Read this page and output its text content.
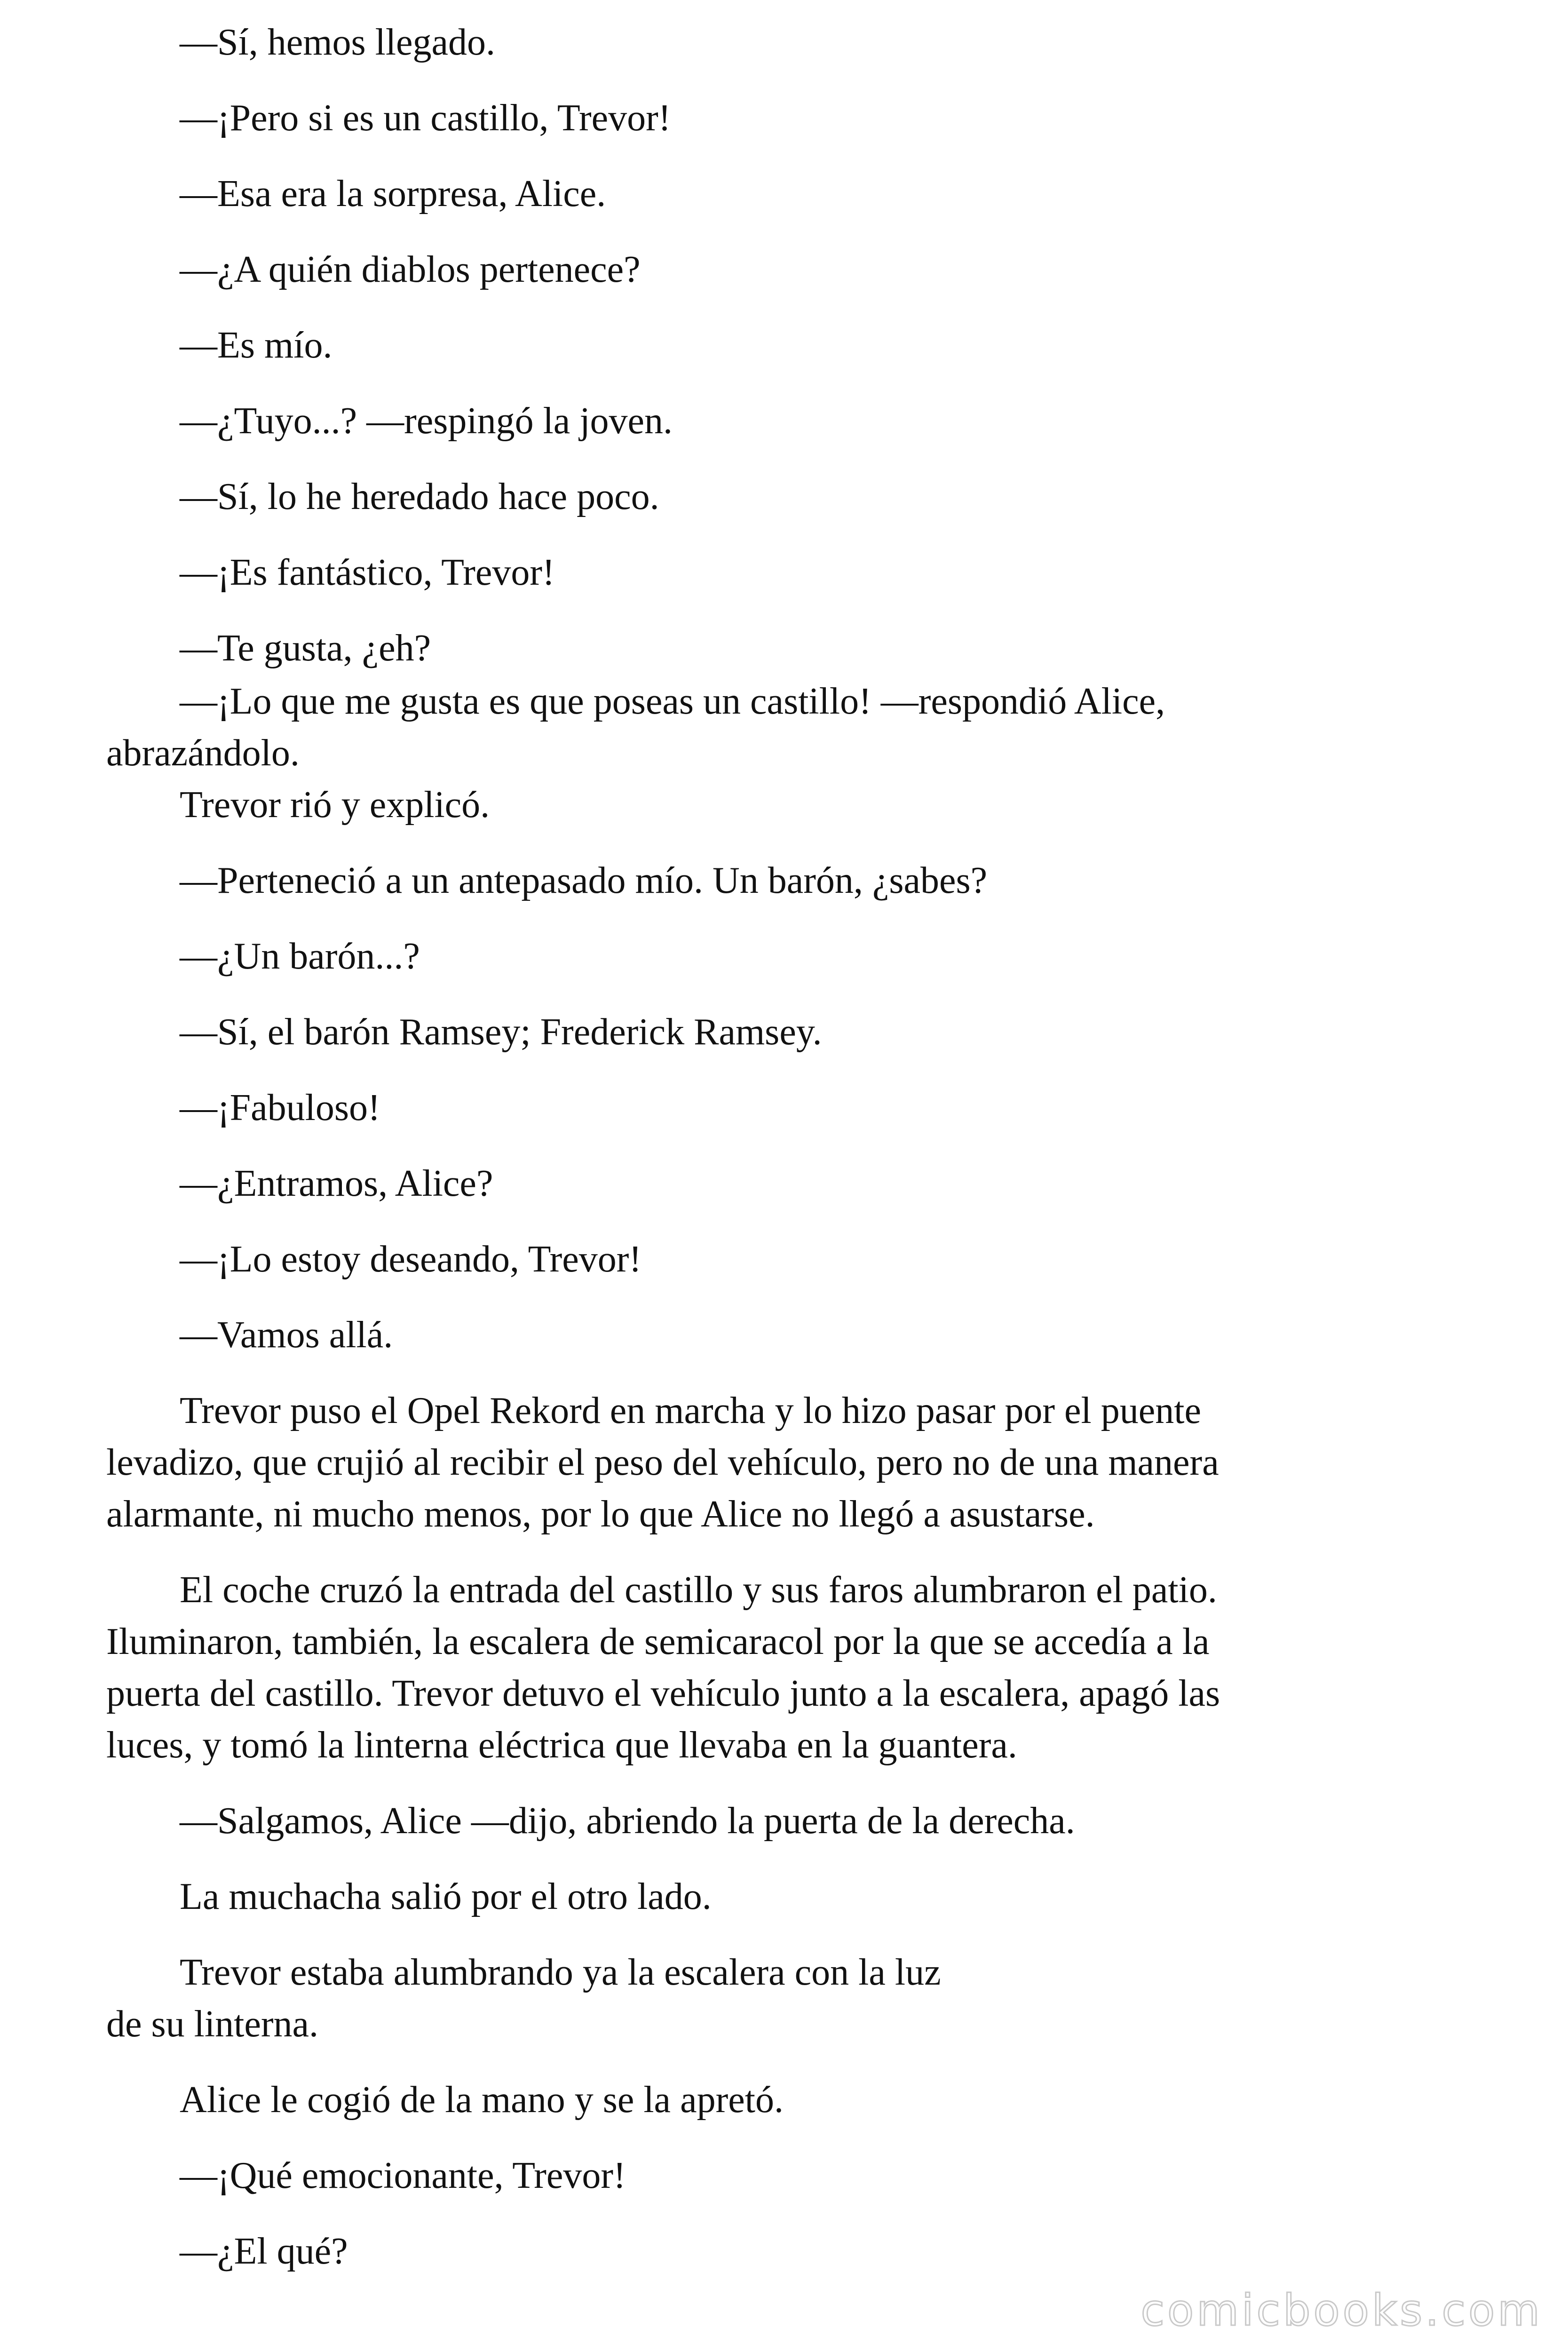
—Sí, hemos llegado.

—¡Pero si es un castillo, Trevor!

—Esa era la sorpresa, Alice.

—¿A quién diablos pertenece?

—Es mío.

—¿Tuyo...? —respingó la joven.

—Sí, lo he heredado hace poco.

—¡Es fantástico, Trevor!

—Te gusta, ¿eh?

—¡Lo que me gusta es que poseas un castillo! —respondió Alice,

abrazándolo.

Trevor rió y explicó.

—Perteneció a un antepasado mío. Un barón, ¿sabes?

—¿Un barón...?

—Sí, el barón Ramsey; Frederick Ramsey.

—¡Fabuloso!

—¿Entramos, Alice?

—¡Lo estoy deseando, Trevor!

—Vamos allá.

Trevor puso el Opel Rekord en marcha y lo hizo pasar por el puente

levadizo, que crujió al recibir el peso del vehículo, pero no de una manera

alarmante, ni mucho menos, por lo que Alice no llegó a asustarse.

El coche cruzó la entrada del castillo y sus faros alumbraron el patio.

Iluminaron, también, la escalera de semicaracol por la que se accedía a la

puerta del castillo. Trevor detuvo el vehículo junto a la escalera, apagó las

luces, y tomó la linterna eléctrica que llevaba en la guantera.

—Salgamos, Alice —dijo, abriendo la puerta de la derecha.

La muchacha salió por el otro lado.

Trevor estaba alumbrando ya la escalera con la luz

de su linterna.

Alice le cogió de la mano y se la apretó.

—¡Qué emocionante, Trevor!

—¿El qué?

comicbooks.com
